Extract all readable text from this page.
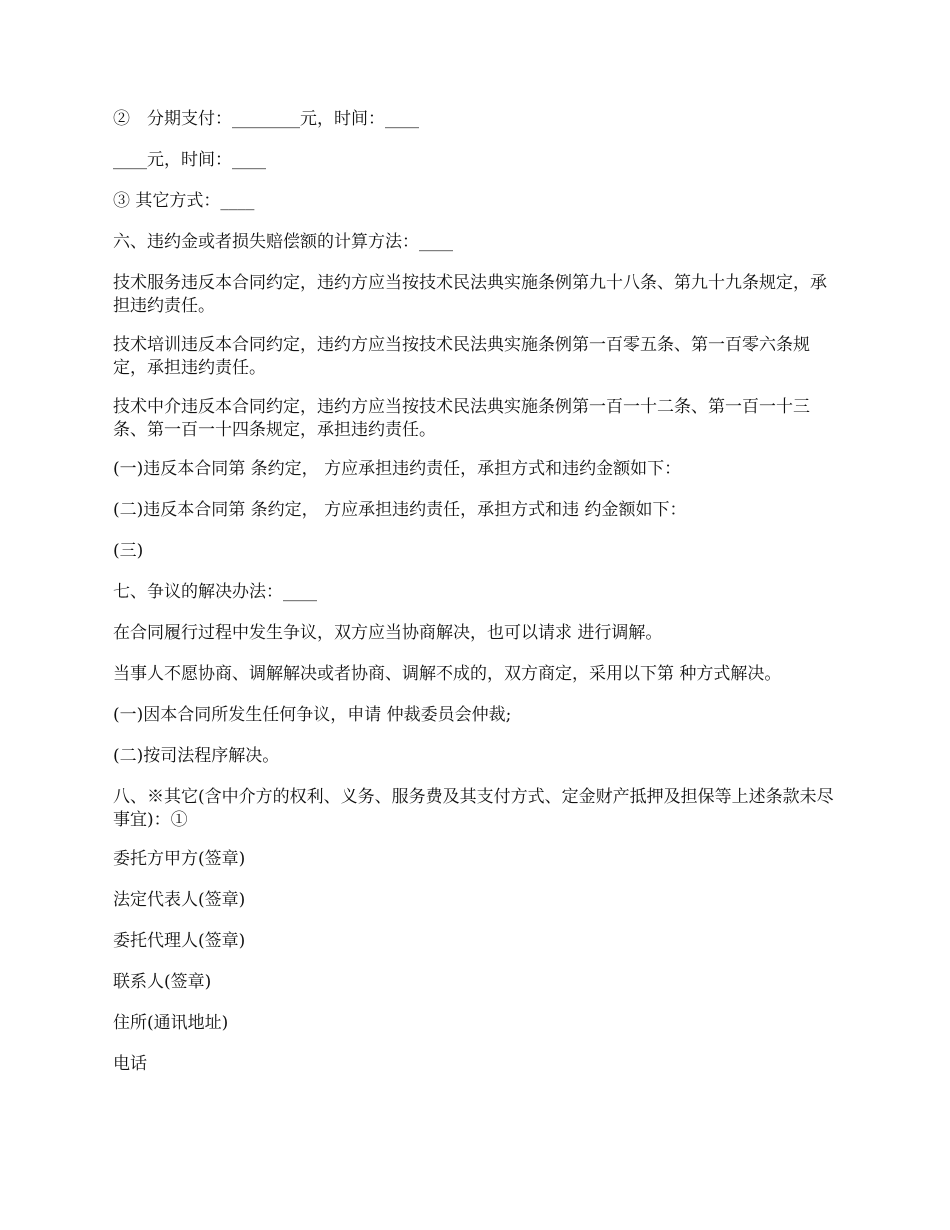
②　分期支付：________元，时间：____

____元，时间：____

③ 其它方式：____

六、违约金或者损失赔偿额的计算方法：____

技术服务违反本合同约定，违约方应当按技术民法典实施条例第九十八条、第九十九条规定，承担违约责任。

技术培训违反本合同约定，违约方应当按技术民法典实施条例第一百零五条、第一百零六条规定，承担违约责任。

技术中介违反本合同约定，违约方应当按技术民法典实施条例第一百一十二条、第一百一十三条、第一百一十四条规定，承担违约责任。

(一)违反本合同第 条约定， 方应承担违约责任，承担方式和违约金额如下：

(二)违反本合同第 条约定， 方应承担违约责任，承担方式和违 约金额如下：

(三)

七、争议的解决办法：____

在合同履行过程中发生争议，双方应当协商解决，也可以请求 进行调解。

当事人不愿协商、调解解决或者协商、调解不成的，双方商定，采用以下第 种方式解决。

(一)因本合同所发生任何争议，申请 仲裁委员会仲裁;

(二)按司法程序解决。

八、※其它(含中介方的权利、义务、服务费及其支付方式、定金财产抵押及担保等上述条款未尽事宜)：①

委托方甲方(签章)

法定代表人(签章)

委托代理人(签章)

联系人(签章)

住所(通讯地址)

电话
